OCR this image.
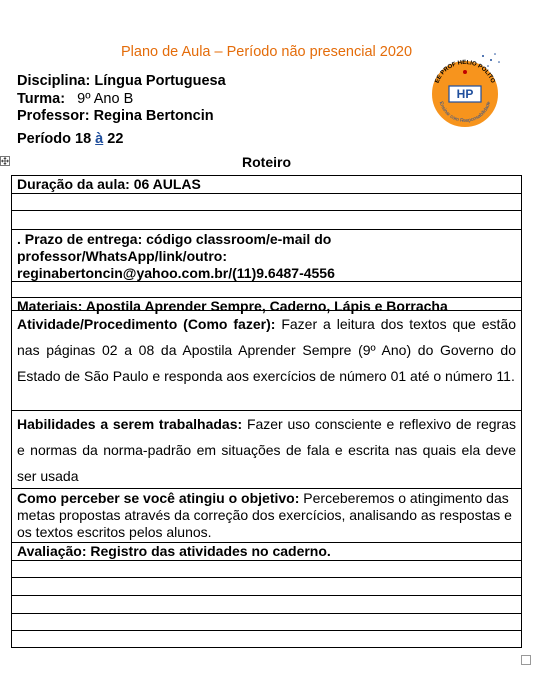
Plano de Aula – Período não presencial 2020
Disciplina: Língua Portuguesa
Turma: 9º Ano B
Professor: Regina Bertoncin
Período 18 à 22
EE PROF HELIO POLITO
HP
Ensinar com Responsabilidade
Roteiro
Duração da aula: 06 AULAS
. Prazo de entrega: código classroom/e-mail do professor/WhatsApp/link/outro: reginabertoncin@yahoo.com.br/(11)9.6487-4556
Materiais: Apostila Aprender Sempre, Caderno, Lápis e Borracha
Atividade/Procedimento (Como fazer): Fazer a leitura dos textos que estão nas páginas 02 a 08 da Apostila Aprender Sempre (9º Ano) do Governo do Estado de São Paulo e responda aos exercícios de número 01 até o número 11.
Habilidades a serem trabalhadas: Fazer uso consciente e reflexivo de regras e normas da norma-padrão em situações de fala e escrita nas quais ela deve ser usada
Como perceber se você atingiu o objetivo: Perceberemos o atingimento das metas propostas através da correção dos exercícios, analisando as respostas e os textos escritos pelos alunos.
Avaliação: Registro das atividades no caderno.
